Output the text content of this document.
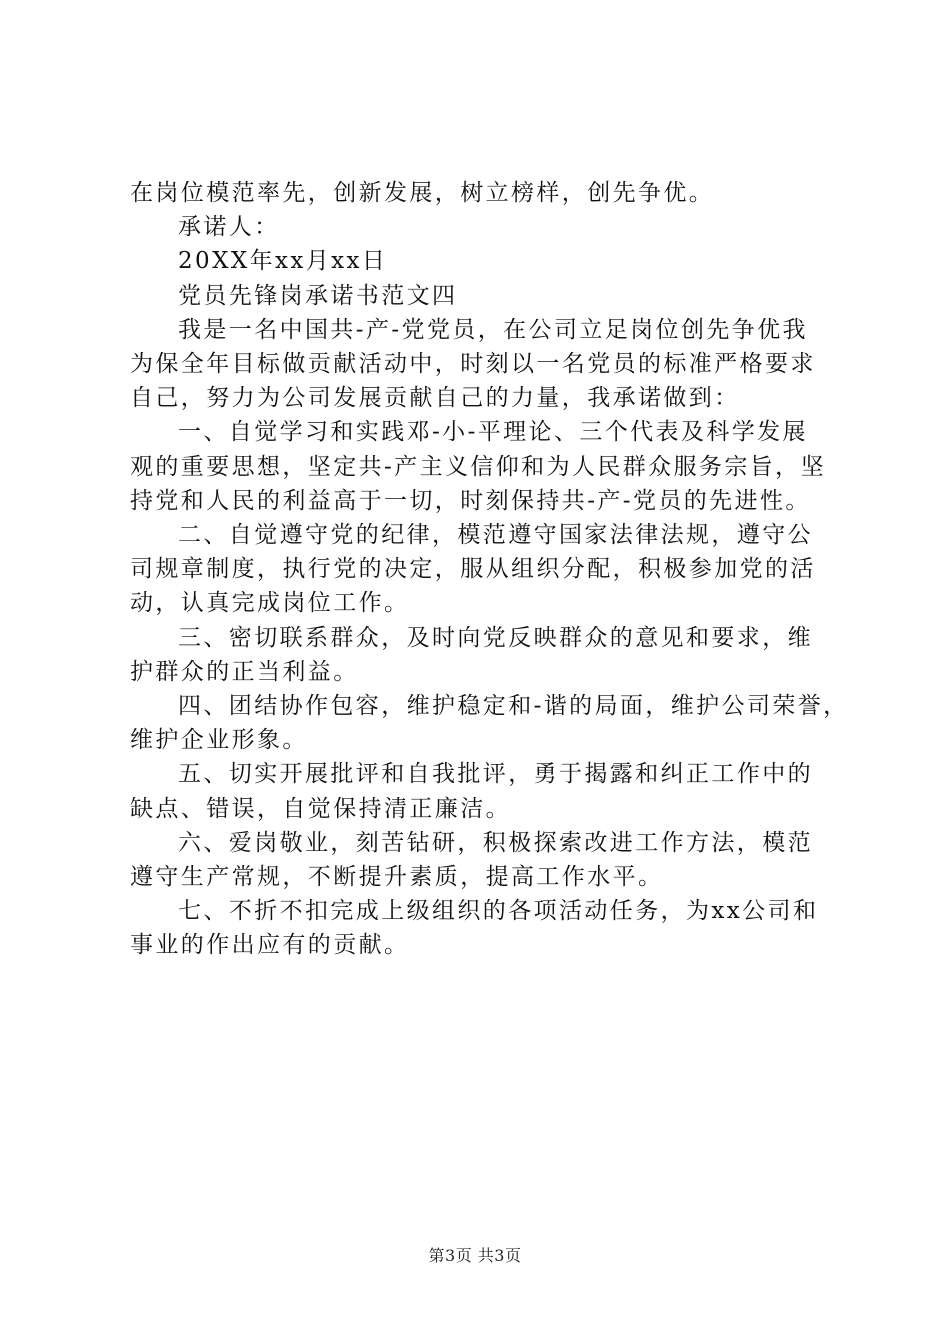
在岗位模范率先，创新发展，树立榜样，创先争优。
承诺人：
20XX年xx月xx日
党员先锋岗承诺书范文四
我是一名中国共-产-党党员，在公司立足岗位创先争优我
为保全年目标做贡献活动中，时刻以一名党员的标准严格要求
自己，努力为公司发展贡献自己的力量，我承诺做到：
一、自觉学习和实践邓-小-平理论、三个代表及科学发展
观的重要思想，坚定共-产主义信仰和为人民群众服务宗旨，坚
持党和人民的利益高于一切，时刻保持共-产-党员的先进性。
二、自觉遵守党的纪律，模范遵守国家法律法规，遵守公
司规章制度，执行党的决定，服从组织分配，积极参加党的活
动，认真完成岗位工作。
三、密切联系群众，及时向党反映群众的意见和要求，维
护群众的正当利益。
四、团结协作包容，维护稳定和-谐的局面，维护公司荣誉，
维护企业形象。
五、切实开展批评和自我批评，勇于揭露和纠正工作中的
缺点、错误，自觉保持清正廉洁。
六、爱岗敬业，刻苦钻研，积极探索改进工作方法，模范
遵守生产常规，不断提升素质，提高工作水平。
七、不折不扣完成上级组织的各项活动任务，为xx公司和
事业的作出应有的贡献。
第3页 共3页
